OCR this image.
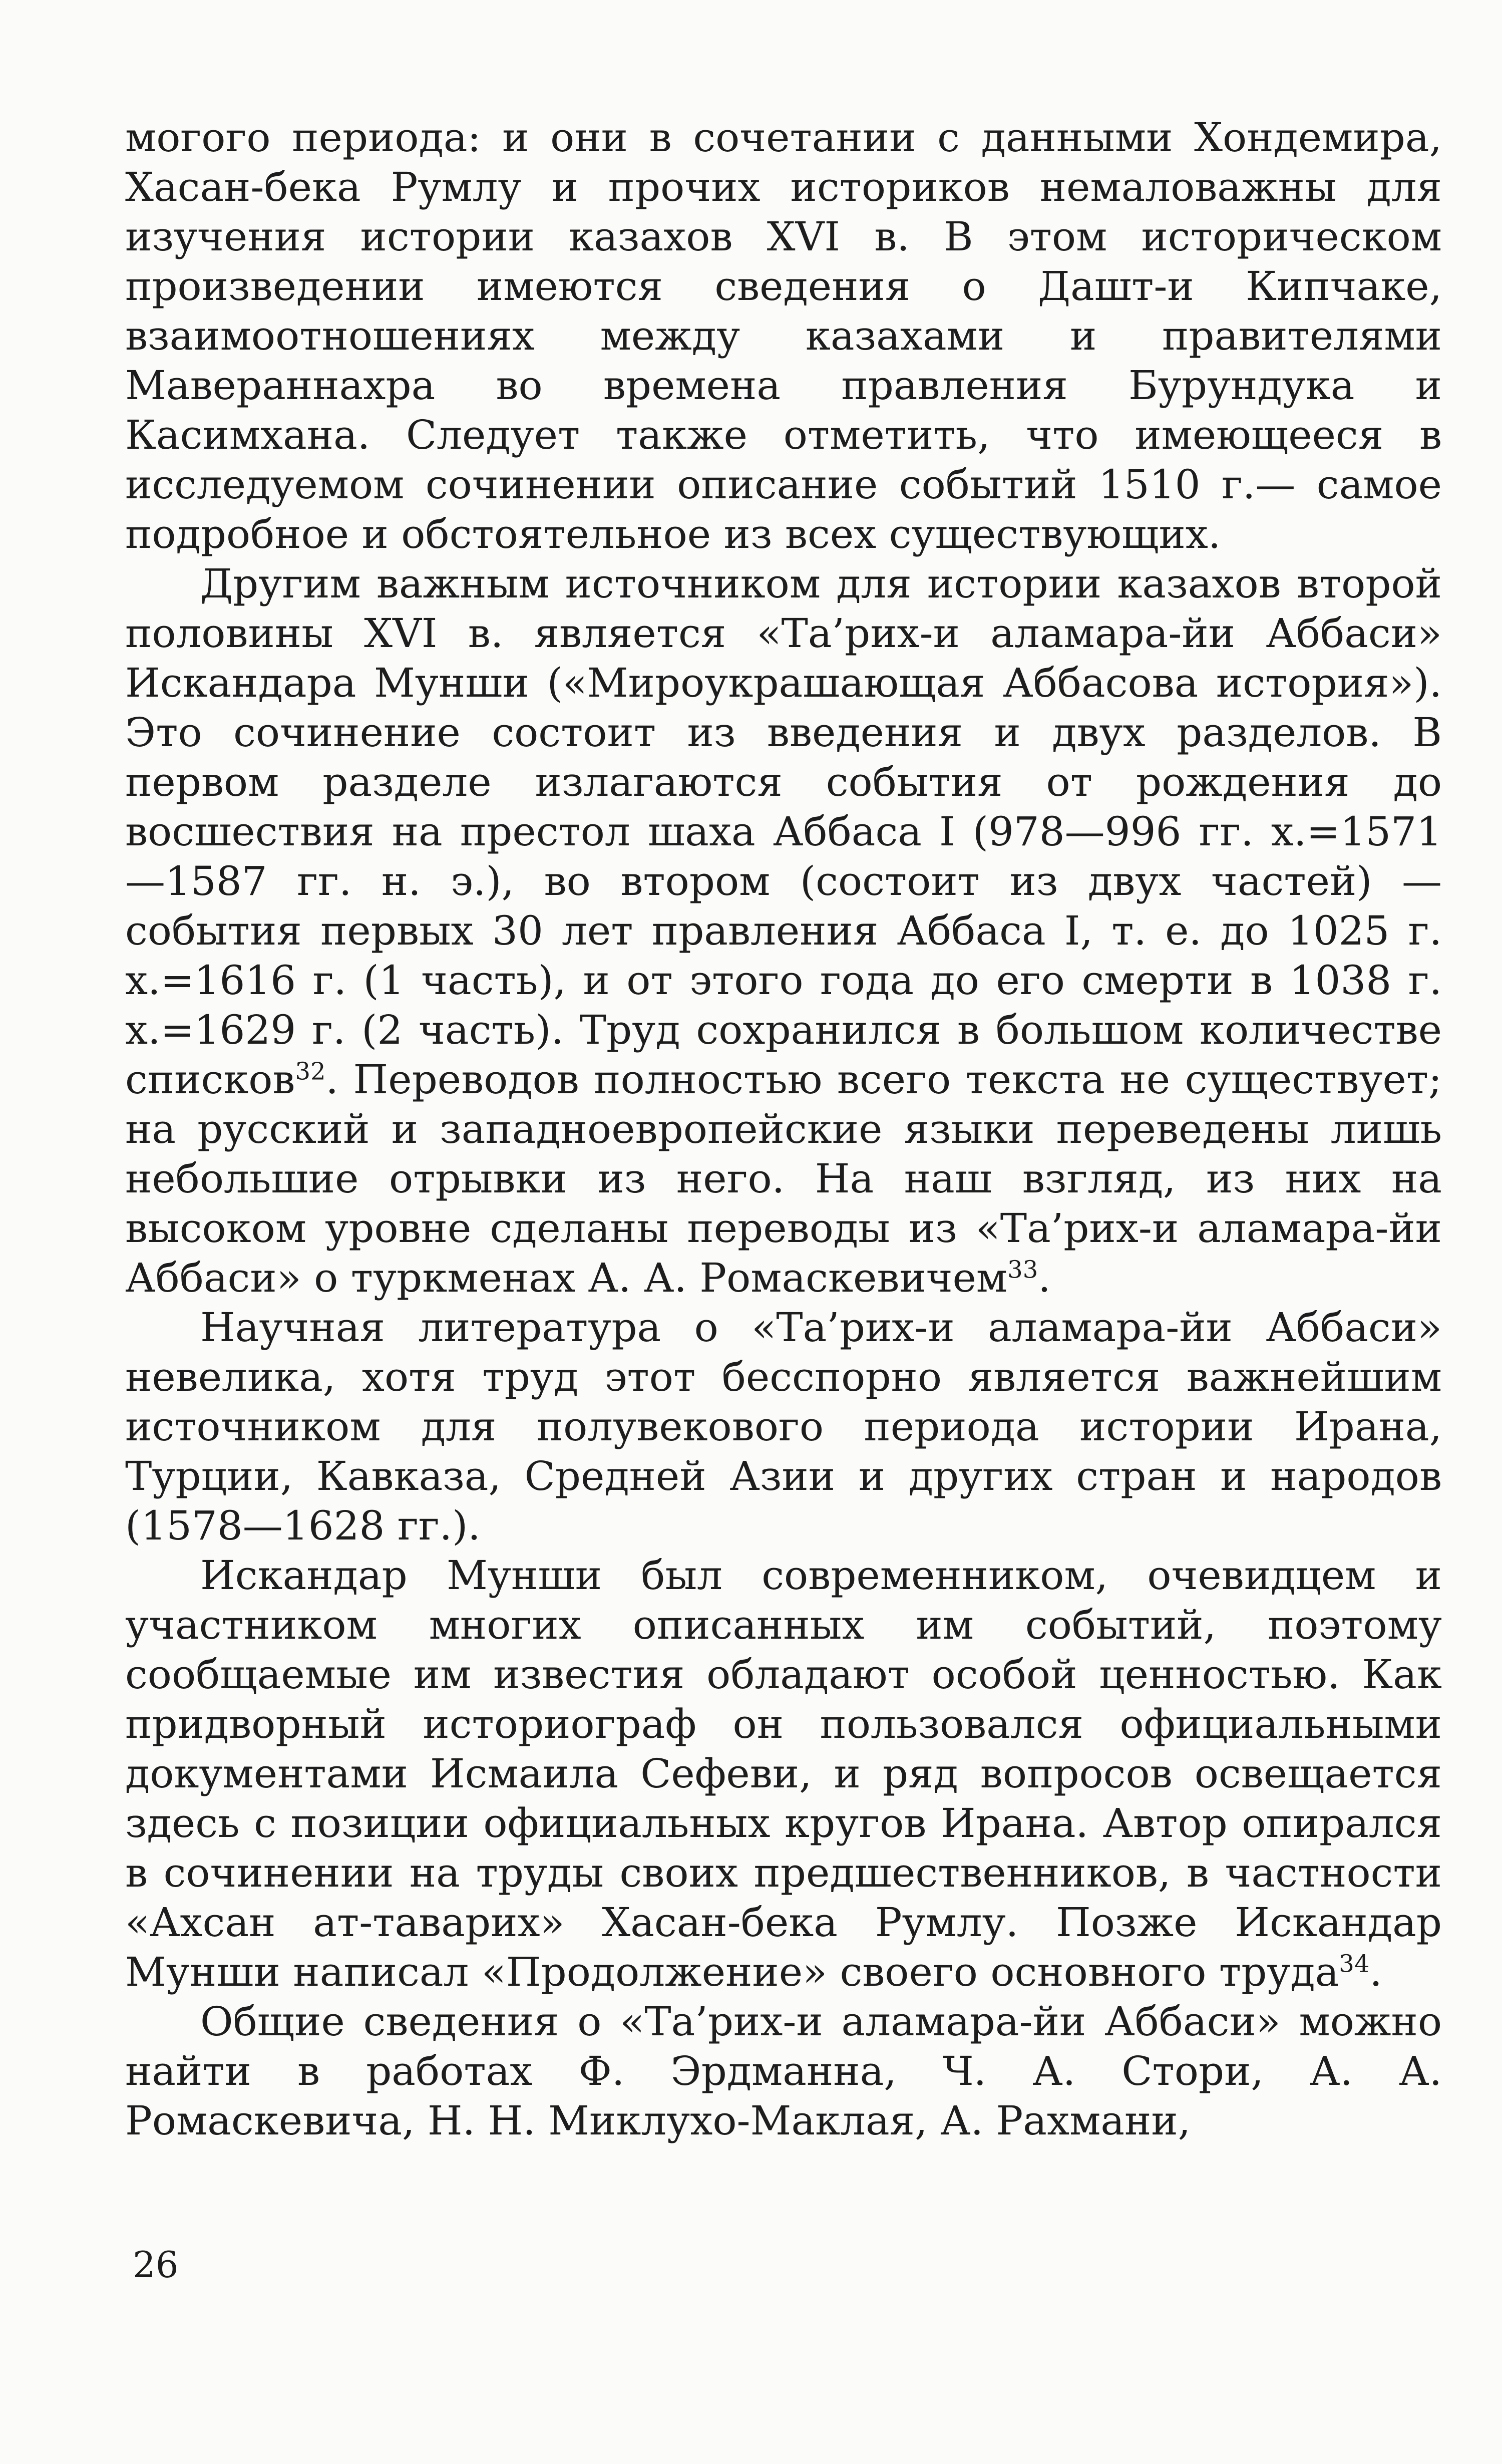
могого периода: и они в сочетании с данными Хондемира, Хасан-бека Румлу и прочих историков немаловажны для изучения истории казахов XVI в. В этом историческом произведении имеются сведения о Дашт-и Кипчаке, взаимоотношениях между казахами и правителями Мавераннахра во времена правления Бурундука и Касимхана. Следует также отметить, что имеющееся в исследуемом сочинении описание событий 1510 г.— самое подробное и обстоятельное из всех существующих.

Другим важным источником для истории казахов второй половины XVI в. является «Та’рих-и аламара-йи Аббаси» Искандара Мунши («Мироукрашающая Аббасова история»). Это сочинение состоит из введения и двух разделов. В первом разделе излагаются события от рождения до восшествия на престол шаха Аббаса I (978—996 гг. х.=1571—1587 гг. н. э.), во втором (состоит из двух частей) — события первых 30 лет правления Аббаса I, т. е. до 1025 г. х.=1616 г. (1 часть), и от этого года до его смерти в 1038 г. х.=1629 г. (2 часть). Труд сохранился в большом количестве списков$^{32}$. Переводов полностью всего текста не существует; на русский и западноевропейские языки переведены лишь небольшие отрывки из него. На наш взгляд, из них на высоком уровне сделаны переводы из «Та’рих-и аламара-йи Аббаси» о туркменах А. А. Ромаскевичем$^{33}$.

Научная литература о «Та’рих-и аламара-йи Аббаси» невелика, хотя труд этот бесспорно является важнейшим источником для полувекового периода истории Ирана, Турции, Кавказа, Средней Азии и других стран и народов (1578—1628 гг.).

Искандар Мунши был современником, очевидцем и участником многих описанных им событий, поэтому сообщаемые им известия обладают особой ценностью. Как придворный историограф он пользовался официальными документами Исмаила Сефеви, и ряд вопросов освещается здесь с позиции официальных кругов Ирана. Автор опирался в сочинении на труды своих предшественников, в частности «Ахсан ат-таварих» Хасан-бека Румлу. Позже Искандар Мунши написал «Продолжение» своего основного труда$^{34}$.

Общие сведения о «Та’рих-и аламара-йи Аббаси» можно найти в работах Ф. Эрдманна, Ч. А. Стори, А. А. Ромаскевича, Н. Н. Миклухо-Маклая, А. Рахмани,

26
